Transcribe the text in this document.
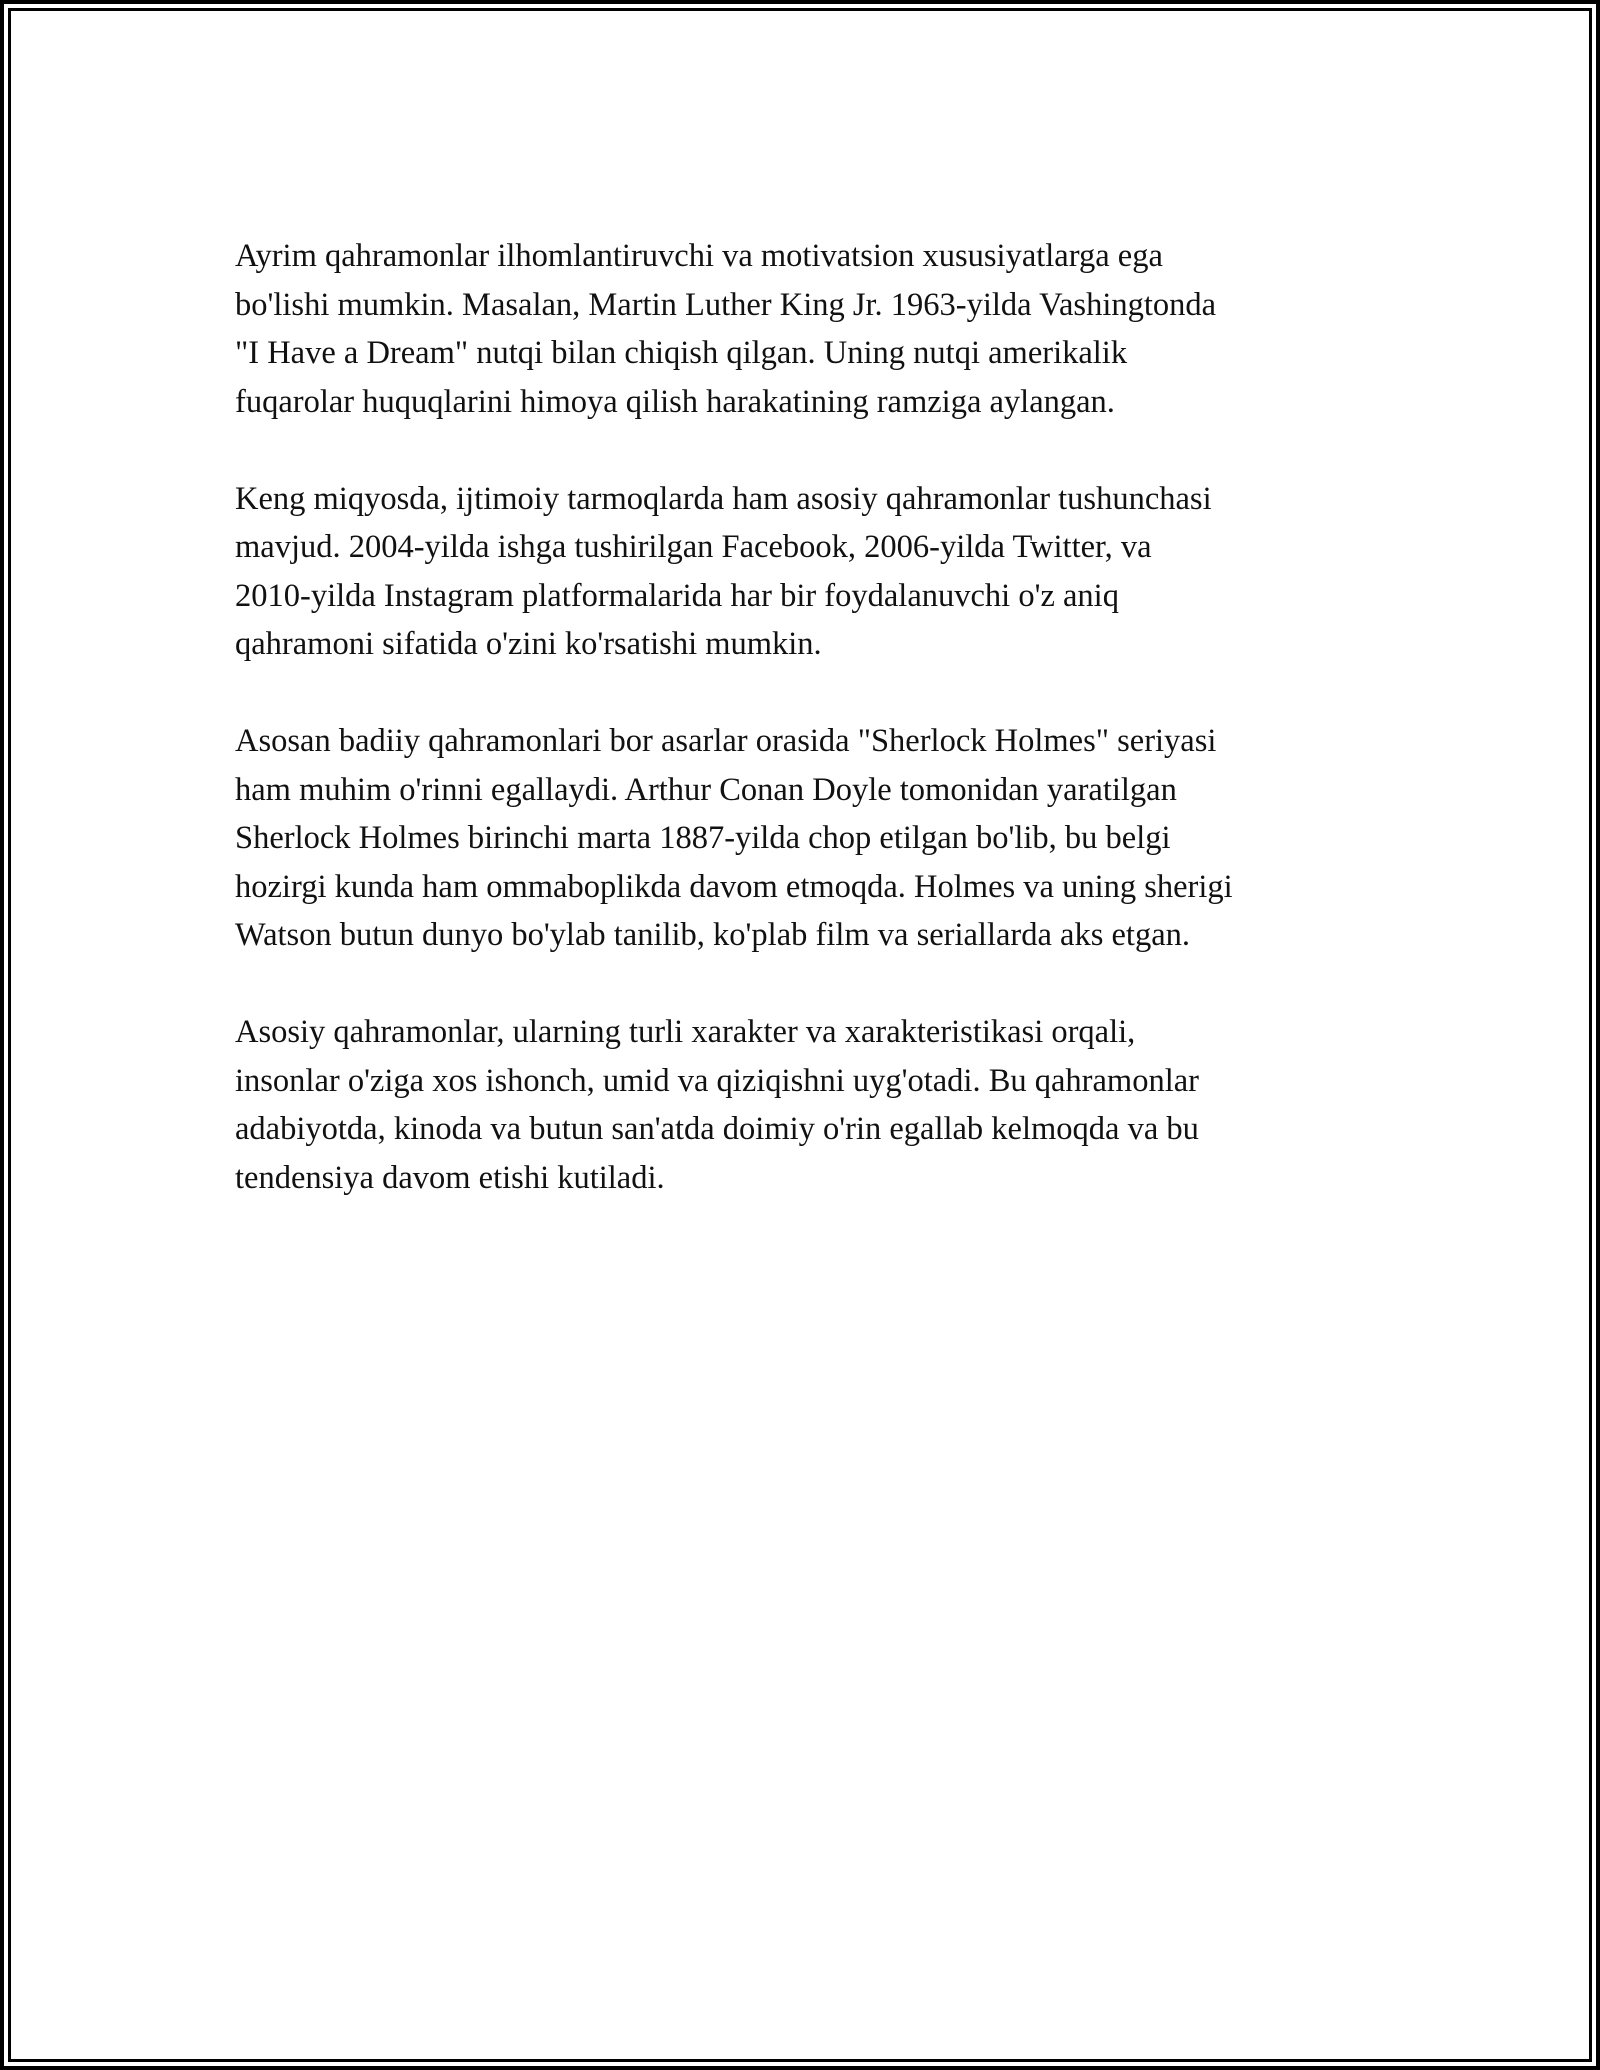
Ayrim qahramonlar ilhomlantiruvchi va motivatsion xususiyatlarga ega
bo'lishi mumkin. Masalan, Martin Luther King Jr. 1963-yilda Vashingtonda
"I Have a Dream" nutqi bilan chiqish qilgan. Uning nutqi amerikalik
fuqarolar huquqlarini himoya qilish harakatining ramziga aylangan.

Keng miqyosda, ijtimoiy tarmoqlarda ham asosiy qahramonlar tushunchasi
mavjud. 2004-yilda ishga tushirilgan Facebook, 2006-yilda Twitter, va
2010-yilda Instagram platformalarida har bir foydalanuvchi o'z aniq
qahramoni sifatida o'zini ko'rsatishi mumkin.

Asosan badiiy qahramonlari bor asarlar orasida "Sherlock Holmes" seriyasi
ham muhim o'rinni egallaydi. Arthur Conan Doyle tomonidan yaratilgan
Sherlock Holmes birinchi marta 1887-yilda chop etilgan bo'lib, bu belgi
hozirgi kunda ham ommaboplikda davom etmoqda. Holmes va uning sherigi
Watson butun dunyo bo'ylab tanilib, ko'plab film va seriallarda aks etgan.

Asosiy qahramonlar, ularning turli xarakter va xarakteristikasi orqali,
insonlar o'ziga xos ishonch, umid va qiziqishni uyg'otadi. Bu qahramonlar
adabiyotda, kinoda va butun san'atda doimiy o'rin egallab kelmoqda va bu
tendensiya davom etishi kutiladi.
